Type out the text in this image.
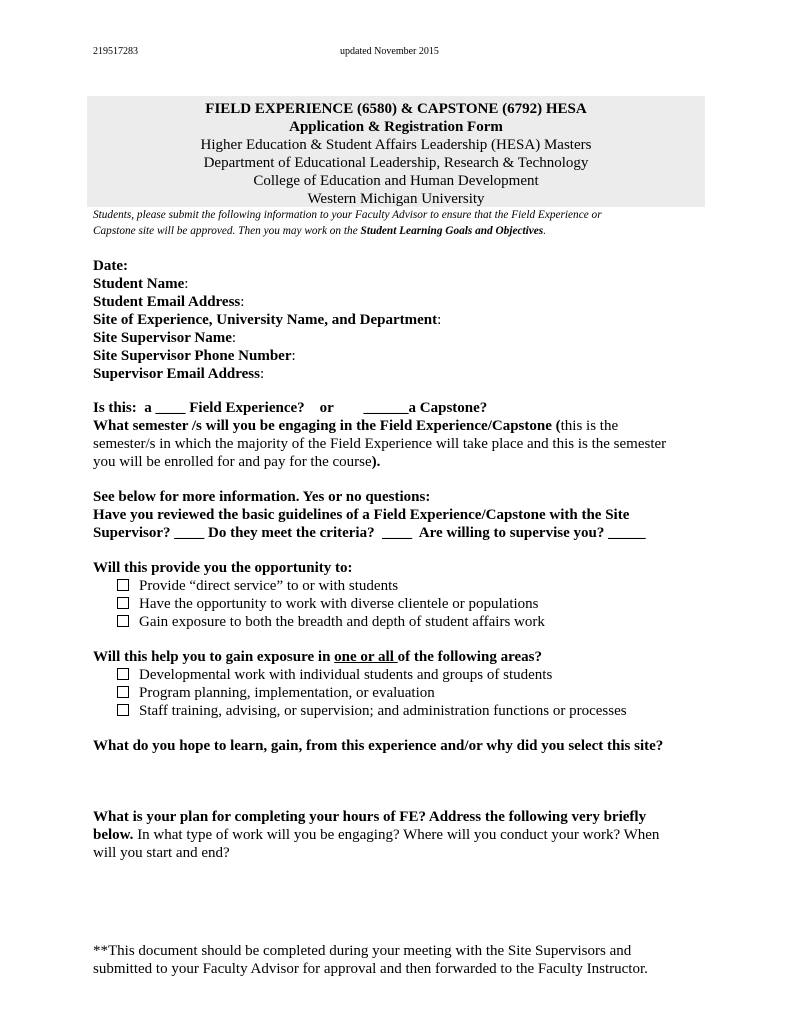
219517283	updated November 2015
FIELD EXPERIENCE (6580) & CAPSTONE (6792) HESA
Application & Registration Form
Higher Education & Student Affairs Leadership (HESA) Masters
Department of Educational Leadership, Research & Technology
College of Education and Human Development
Western Michigan University
Students, please submit the following information to your Faculty Advisor to ensure that the Field Experience or
Capstone site will be approved. Then you may work on the Student Learning Goals and Objectives.
Date:
Student Name:
Student Email Address:
Site of Experience, University Name, and Department:
Site Supervisor Name:
Site Supervisor Phone Number:
Supervisor Email Address:
Is this:  a ____ Field Experience?    or        ______a Capstone?
What semester /s will you be engaging in the Field Experience/Capstone (this is the
semester/s in which the majority of the Field Experience will take place and this is the semester
you will be enrolled for and pay for the course).
See below for more information. Yes or no questions:
Have you reviewed the basic guidelines of a Field Experience/Capstone with the Site
Supervisor? ____ Do they meet the criteria?  ____  Are willing to supervise you? _____
Will this provide you the opportunity to:
Provide “direct service” to or with students
Have the opportunity to work with diverse clientele or populations
Gain exposure to both the breadth and depth of student affairs work
Will this help you to gain exposure in one or all of the following areas?
Developmental work with individual students and groups of students
Program planning, implementation, or evaluation
Staff training, advising, or supervision; and administration functions or processes
What do you hope to learn, gain, from this experience and/or why did you select this site?
What is your plan for completing your hours of FE? Address the following very briefly
below. In what type of work will you be engaging? Where will you conduct your work? When
will you start and end?
**This document should be completed during your meeting with the Site Supervisors and
submitted to your Faculty Advisor for approval and then forwarded to the Faculty Instructor.
